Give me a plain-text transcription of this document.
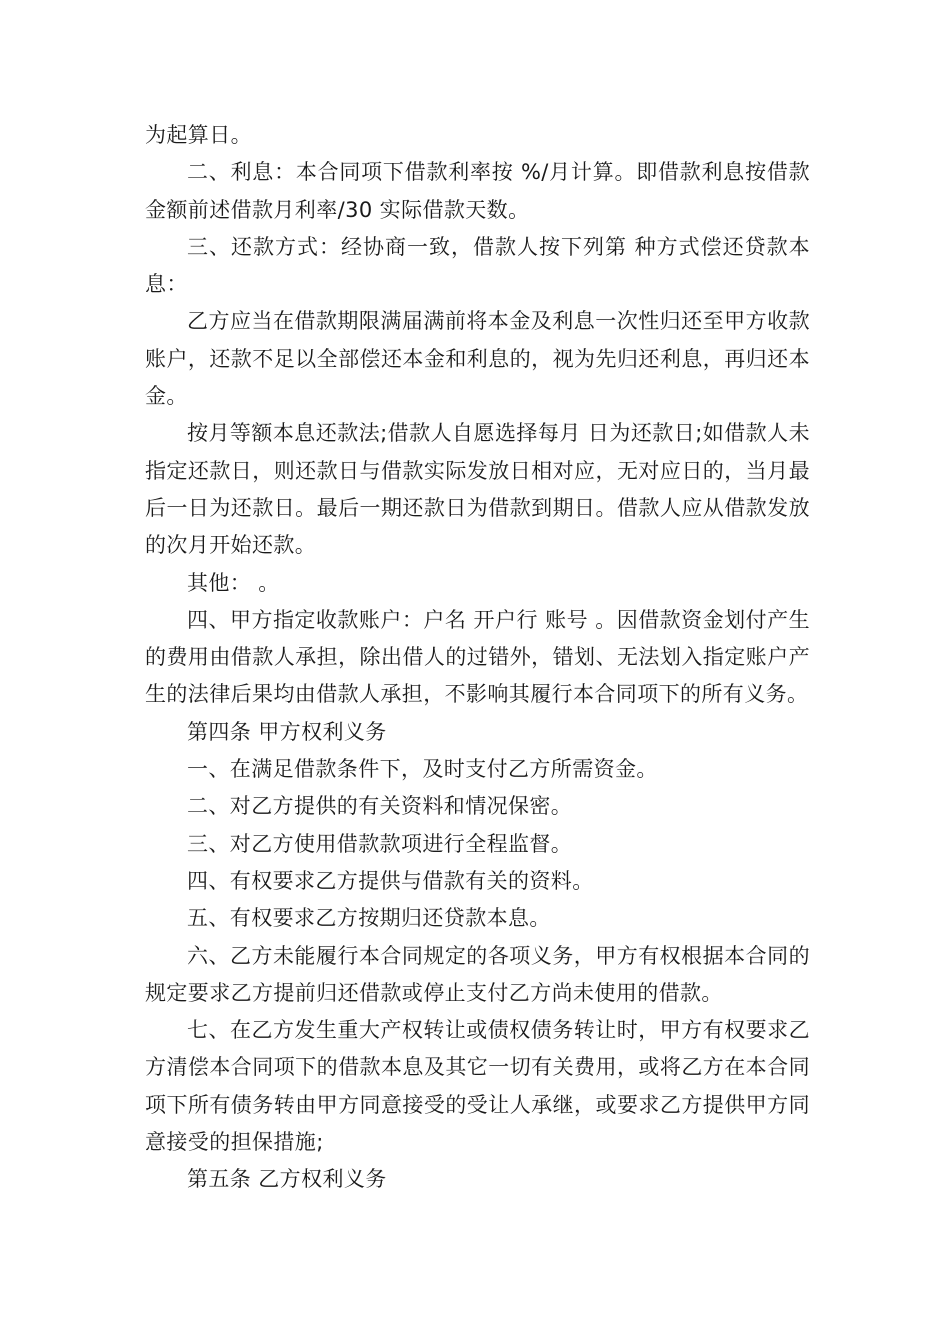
为起算日。

二、利息：本合同项下借款利率按 %/月计算。即借款利息按借款金额前述借款月利率/30 实际借款天数。

三、还款方式：经协商一致，借款人按下列第 种方式偿还贷款本息：

乙方应当在借款期限满届满前将本金及利息一次性归还至甲方收款账户，还款不足以全部偿还本金和利息的，视为先归还利息，再归还本金。

按月等额本息还款法;借款人自愿选择每月 日为还款日;如借款人未指定还款日，则还款日与借款实际发放日相对应，无对应日的，当月最后一日为还款日。最后一期还款日为借款到期日。借款人应从借款发放的次月开始还款。

其他： 。

四、甲方指定收款账户：户名 开户行 账号 。因借款资金划付产生的费用由借款人承担，除出借人的过错外，错划、无法划入指定账户产生的法律后果均由借款人承担，不影响其履行本合同项下的所有义务。

第四条 甲方权利义务

一、在满足借款条件下，及时支付乙方所需资金。

二、对乙方提供的有关资料和情况保密。

三、对乙方使用借款款项进行全程监督。

四、有权要求乙方提供与借款有关的资料。

五、有权要求乙方按期归还贷款本息。

六、乙方未能履行本合同规定的各项义务，甲方有权根据本合同的规定要求乙方提前归还借款或停止支付乙方尚未使用的借款。

七、在乙方发生重大产权转让或债权债务转让时，甲方有权要求乙方清偿本合同项下的借款本息及其它一切有关费用，或将乙方在本合同项下所有债务转由甲方同意接受的受让人承继，或要求乙方提供甲方同意接受的担保措施;

第五条 乙方权利义务
